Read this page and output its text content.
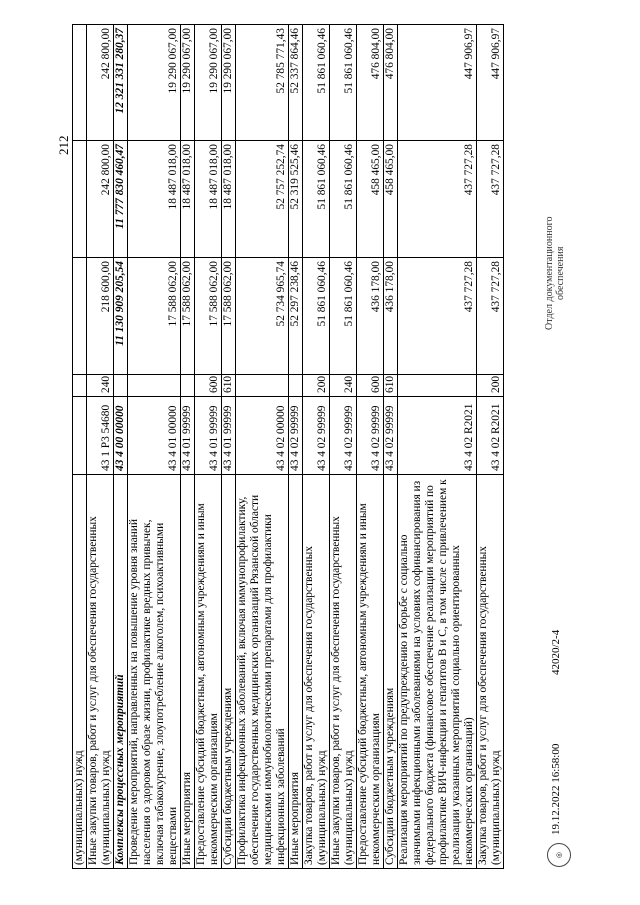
212
(муниципальных) нужд					
Иные закупки товаров, работ и услуг для обеспечения государственных (муниципальных) нужд	43 1 Р3 54680	240	218 600,00	242 800,00	242 800,00
Комплексы процессных мероприятий	43 4 00 00000		11 130 909 205,54	11 777 830 460,47	12 321 331 280,37
Проведение мероприятий, направленных на повышение уровня знаний населения о здоровом образе жизни, профилактике вредных привычек, включая табакокурение, злоупотребление алкоголем, психоактивными веществами	43 4 01 00000		17 588 062,00	18 487 018,00	19 290 067,00
Иные мероприятия	43 4 01 99999		17 588 062,00	18 487 018,00	19 290 067,00
Предоставление субсидий бюджетным, автономным учреждениям и иным некоммерческим организациям	43 4 01 99999	600	17 588 062,00	18 487 018,00	19 290 067,00
Субсидии бюджетным учреждениям	43 4 01 99999	610	17 588 062,00	18 487 018,00	19 290 067,00
Профилактика инфекционных заболеваний, включая иммунопрофилактику, обеспечение государственных медицинских организаций Рязанской области медицинскими иммунобиологическими препаратами для профилактики инфекционных заболеваний	43 4 02 00000		52 734 965,74	52 757 252,74	52 785 771,43
Иные мероприятия	43 4 02 99999		52 297 238,46	52 319 525,46	52 337 864,46
Закупка товаров, работ и услуг для обеспечения государственных (муниципальных) нужд	43 4 02 99999	200	51 861 060,46	51 861 060,46	51 861 060,46
Иные закупки товаров, работ и услуг для обеспечения государственных (муниципальных) нужд	43 4 02 99999	240	51 861 060,46	51 861 060,46	51 861 060,46
Предоставление субсидий бюджетным, автономным учреждениям и иным некоммерческим организациям	43 4 02 99999	600	436 178,00	458 465,00	476 804,00
Субсидии бюджетным учреждениям	43 4 02 99999	610	436 178,00	458 465,00	476 804,00
Реализация мероприятий по предупреждению и борьбе с социально значимыми инфекционными заболеваниями на условиях софинансирования из федерального бюджета (финансовое обеспечение реализации мероприятий по профилактике ВИЧ-инфекции и гепатитов В и С, в том числе с привлечением к реализации указанных мероприятий социально ориентированных некоммерческих организаций)	43 4 02 R2021		437 727,28	437 727,28	447 906,97
Закупка товаров, работ и услуг для обеспечения государственных (муниципальных) нужд	43 4 02 R2021	200	437 727,28	437 727,28	447 906,97
◎
19.12.2022 16:58:00
42020/2-4
Отдел документационного обеспечения
